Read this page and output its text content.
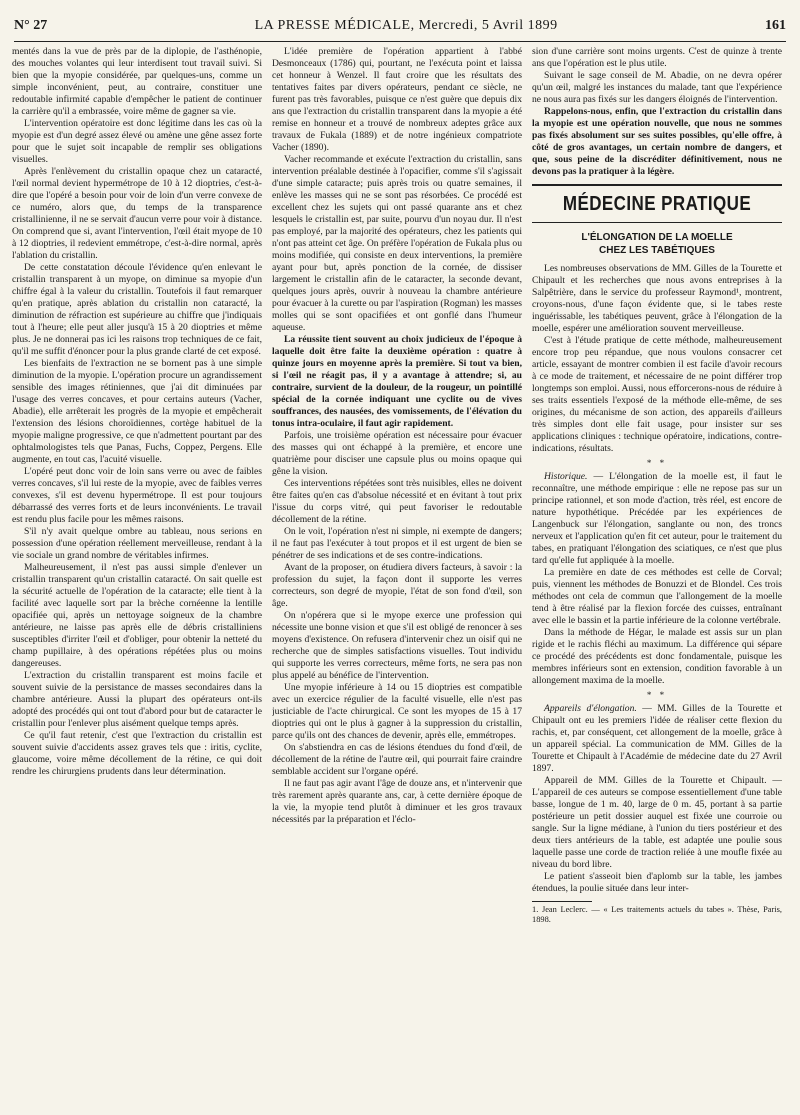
N° 27	LA PRESSE MÉDICALE, Mercredi, 5 Avril 1899	161

mentés dans la vue de près par de la diplopie, de l'asthénopie, des mouches volantes qui leur interdisent tout travail suivi. Si bien que la myopie considérée, par quelques-uns, comme un simple inconvénient, peut, au contraire, constituer une redoutable infirmité capable d'empêcher le patient de continuer la carrière qu'il a embrassée, voire même de gagner sa vie.

L'intervention opératoire est donc légitime dans les cas où la myopie est d'un degré assez élevé ou amène une gêne assez forte pour que le sujet soit incapable de remplir ses obligations visuelles.

Après l'enlèvement du cristallin opaque chez un cataracté, l'œil normal devient hypermétrope de 10 à 12 dioptries, c'est-à-dire que l'opéré a besoin pour voir de loin d'un verre convexe de ce numéro, alors que, du temps de la transparence cristallinienne, il ne se servait d'aucun verre pour voir à distance. On comprend que si, avant l'intervention, l'œil était myope de 10 à 12 dioptries, il redevient emmétrope, c'est-à-dire normal, après l'ablation du cristallin.

De cette constatation découle l'évidence qu'en enlevant le cristallin transparent à un myope, on diminue sa myopie d'un chiffre égal à la valeur du cristallin. Toutefois il faut remarquer qu'en pratique, après ablation du cristallin non cataracté, la diminution de réfraction est supérieure au chiffre que j'indiquais tout à l'heure; elle peut aller jusqu'à 15 à 20 dioptries et même plus. Je ne donnerai pas ici les raisons trop techniques de ce fait, qu'il me suffit d'énoncer pour la plus grande clarté de cet exposé.

Les bienfaits de l'extraction ne se bornent pas à une simple diminution de la myopie. L'opération procure un agrandissement sensible des images rétiniennes, que j'ai dit diminuées par l'usage des verres concaves, et pour certains auteurs (Vacher, Abadie), elle arrêterait les progrès de la myopie et empêcherait l'extension des lésions choroïdiennes, cortège habituel de la myopie maligne progressive, ce que n'admettent pourtant par des ophtalmologistes tels que Panas, Fuchs, Coppez, Pergens. Elle augmente, en tout cas, l'acuité visuelle.

L'opéré peut donc voir de loin sans verre ou avec de faibles verres concaves, s'il lui reste de la myopie, avec de faibles verres convexes, s'il est devenu hypermétrope. Il est pour toujours débarrassé des verres forts et de leurs inconvénients. Le travail est rendu plus facile pour les mêmes raisons.

S'il n'y avait quelque ombre au tableau, nous serions en possession d'une opération réellement merveilleuse, rendant à la vie sociale un grand nombre de véritables infirmes.

Malheureusement, il n'est pas aussi simple d'enlever un cristallin transparent qu'un cristallin cataracté. On sait quelle est la sécurité actuelle de l'opération de la cataracte; elle tient à la facilité avec laquelle sort par la brèche cornéenne la lentille opacifiée qui, après un nettoyage soigneux de la chambre antérieure, ne laisse pas après elle de débris cristalliniens susceptibles d'irriter l'œil et d'obliger, pour obtenir la netteté du champ pupillaire, à des opérations répétées plus ou moins dangereuses.

L'extraction du cristallin transparent est moins facile et souvent suivie de la persistance de masses secondaires dans la chambre antérieure. Aussi la plupart des opérateurs ont-ils adopté des procédés qui ont tout d'abord pour but de cataracter le cristallin pour l'enlever plus aisément quelque temps après.

Ce qu'il faut retenir, c'est que l'extraction du cristallin est souvent suivie d'accidents assez graves tels que : iritis, cyclite, glaucome, voire même décollement de la rétine, ce qui doit rendre les chirurgiens prudents dans leur détermination.

L'idée première de l'opération appartient à l'abbé Desmonceaux (1786) qui, pourtant, ne l'exécuta point et laissa cet honneur à Wenzel. Il faut croire que les résultats des tentatives faites par divers opérateurs, pendant ce siècle, ne furent pas très favorables, puisque ce n'est guère que depuis dix ans que l'extraction du cristallin transparent dans la myopie a été remise en honneur et a trouvé de nombreux adeptes grâce aux travaux de Fukala (1889) et de notre ingénieux compatriote Vacher (1890).

Vacher recommande et exécute l'extraction du cristallin, sans intervention préalable destinée à l'opacifier, comme s'il s'agissait d'une simple cataracte; puis après trois ou quatre semaines, il enlève les masses qui ne se sont pas résorbées. Ce procédé est excellent chez les sujets qui ont passé quarante ans et chez lesquels le cristallin est, par suite, pourvu d'un noyau dur. Il n'est pas employé, par la majorité des opérateurs, chez les patients qui n'ont pas atteint cet âge. On préfère l'opération de Fukala plus ou moins modifiée, qui consiste en deux interventions, la première ayant pour but, après ponction de la cornée, de dissiser largement le cristallin afin de le cataracter, la seconde devant, quelques jours après, ouvrir à nouveau la chambre antérieure pour évacuer à la curette ou par l'aspiration (Rogman) les masses molles qui se sont opacifiées et ont gonflé dans l'humeur aqueuse.

La réussite tient souvent au choix judicieux de l'époque à laquelle doit être faite la deuxième opération : quatre à quinze jours en moyenne après la première. Si tout va bien, si l'œil ne réagit pas, il y a avantage à attendre; si, au contraire, survient de la douleur, de la rougeur, un pointillé spécial de la cornée indiquant une cyclite ou de vives souffrances, des nausées, des vomissements, de l'élévation du tonus intra-oculaire, il faut agir rapidement.

Parfois, une troisième opération est nécessaire pour évacuer des masses qui ont échappé à la première, et encore une quatrième pour disciser une capsule plus ou moins opaque qui gêne la vision.

Ces interventions répétées sont très nuisibles, elles ne doivent être faites qu'en cas d'absolue nécessité et en évitant à tout prix l'issue du corps vitré, qui peut favoriser le redoutable décollement de la rétine.

On le voit, l'opération n'est ni simple, ni exempte de dangers; il ne faut pas l'exécuter à tout propos et il est urgent de bien se pénétrer de ses indications et de ses contre-indications.

Avant de la proposer, on étudiera divers facteurs, à savoir : la profession du sujet, la façon dont il supporte les verres correcteurs, son degré de myopie, l'état de son fond d'œil, son âge.

On n'opérera que si le myope exerce une profession qui nécessite une bonne vision et que s'il est obligé de renoncer à ses moyens d'existence. On refusera d'intervenir chez un oisif qui ne recherche que de simples satisfactions visuelles. Tout individu qui supporte les verres correcteurs, même forts, ne sera pas non plus appelé au bénéfice de l'intervention.

Une myopie inférieure à 14 ou 15 dioptries est compatible avec un exercice régulier de la faculté visuelle, elle n'est pas justiciable de l'acte chirurgical. Ce sont les myopes de 15 à 17 dioptries qui ont le plus à gagner à la suppression du cristallin, parce qu'ils ont des chances de devenir, après elle, emmétropes.

On s'abstiendra en cas de lésions étendues du fond d'œil, de décollement de la rétine de l'autre œil, qui pourrait faire craindre semblable accident sur l'organe opéré.

Il ne faut pas agir avant l'âge de douze ans, et n'intervenir que très rarement après quarante ans, car, à cette dernière époque de la vie, la myopie tend plutôt à diminuer et les gros travaux nécessités par la préparation et l'éclo-

sion d'une carrière sont moins urgents. C'est de quinze à trente ans que l'opération est le plus utile.

Suivant le sage conseil de M. Abadie, on ne devra opérer qu'un œil, malgré les instances du malade, tant que l'expérience ne nous aura pas fixés sur les dangers éloignés de l'intervention.

Rappelons-nous, enfin, que l'extraction du cristallin dans la myopie est une opération nouvelle, que nous ne sommes pas fixés absolument sur ses suites possibles, qu'elle offre, à côté de gros avantages, un certain nombre de dangers, et que, sous peine de la discréditer définitivement, nous ne devons pas la pratiquer à la légère.

MÉDECINE PRATIQUE
L'ÉLONGATION DE LA MOELLE
CHEZ LES TABÉTIQUES

Les nombreuses observations de MM. Gilles de la Tourette et Chipault et les recherches que nous avons entreprises à la Salpêtrière, dans le service du professeur Raymond¹, montrent, croyons-nous, d'une façon évidente que, si le tabes reste inguérissable, les tabétiques peuvent, grâce à l'élongation de la moelle, espérer une amélioration souvent merveilleuse.

C'est à l'étude pratique de cette méthode, malheureusement encore trop peu répandue, que nous voulons consacrer cet article, essayant de montrer combien il est facile d'avoir recours à ce mode de traitement, et nécessaire de ne point différer trop longtemps son emploi. Aussi, nous efforcerons-nous de réduire à ses traits essentiels l'exposé de la méthode elle-même, de ses origines, du mécanisme de son action, des appareils d'ailleurs très simples dont elle fait usage, pour insister sur ses applications cliniques : technique opératoire, indications, contre-indications, résultats.

* *

Historique. — L'élongation de la moelle est, il faut le reconnaître, une méthode empirique : elle ne repose pas sur un principe rationnel, et son mode d'action, très réel, est encore de nature hypothétique. Précédée par les expériences de Langenbuck sur l'élongation, sanglante ou non, des troncs nerveux et l'application qu'en fit cet auteur, pour le traitement du tabes, en pratiquant l'élongation des sciatiques, ce n'est que plus tard qu'elle fut appliquée à la moelle.

La première en date de ces méthodes est celle de Corval; puis, viennent les méthodes de Bonuzzi et de Blondel. Ces trois méthodes ont cela de commun que l'allongement de la moelle tend à être réalisé par la flexion forcée des cuisses, entraînant avec elle le bassin et la partie inférieure de la colonne vertébrale.

Dans la méthode de Hégar, le malade est assis sur un plan rigide et le rachis fléchi au maximum. La différence qui sépare ce procédé des précédents est donc fondamentale, puisque les membres inférieurs sont en extension, condition favorable à un allongement maxima de la moelle.

* *

Appareils d'élongation. — MM. Gilles de la Tourette et Chipault ont eu les premiers l'idée de réaliser cette flexion du rachis, et, par conséquent, cet allongement de la moelle, grâce à un appareil spécial. La communication de MM. Gilles de la Tourette et Chipault à l'Académie de médecine date du 27 Avril 1897.

Appareil de MM. Gilles de la Tourette et Chipault. — L'appareil de ces auteurs se compose essentiellement d'une table basse, longue de 1 m. 40, large de 0 m. 45, portant à sa partie postérieure un petit dossier auquel est fixée une courroie ou sangle. Sur la ligne médiane, à l'union du tiers postérieur et des deux tiers antérieurs de la table, est adaptée une poulie sous laquelle passe une corde de traction reliée à une moufle fixée au niveau du bord libre.

Le patient s'asseoit bien d'aplomb sur la table, les jambes étendues, la poulie située dans leur inter-

1. Jean Leclerc. — « Les traitements actuels du tabes ». Thèse, Paris, 1898.
